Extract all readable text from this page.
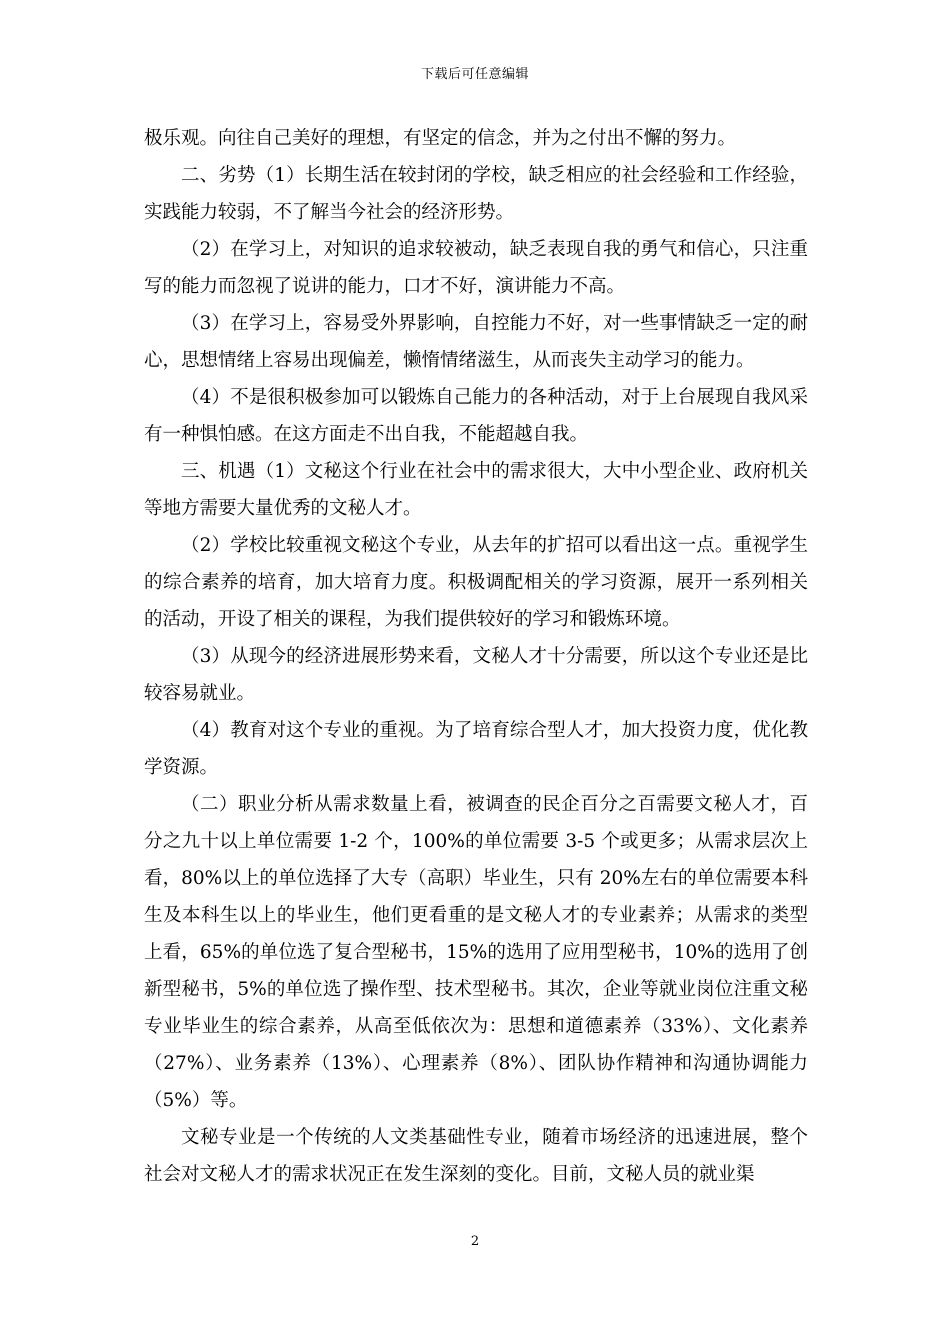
下载后可任意编辑

极乐观。向往自己美好的理想，有坚定的信念，并为之付出不懈的努力。

二、劣势（1）长期生活在较封闭的学校，缺乏相应的社会经验和工作经验，实践能力较弱，不了解当今社会的经济形势。

（2）在学习上，对知识的追求较被动，缺乏表现自我的勇气和信心，只注重写的能力而忽视了说讲的能力，口才不好，演讲能力不高。

（3）在学习上，容易受外界影响，自控能力不好，对一些事情缺乏一定的耐心，思想情绪上容易出现偏差，懒惰情绪滋生，从而丧失主动学习的能力。

（4）不是很积极参加可以锻炼自己能力的各种活动，对于上台展现自我风采有一种惧怕感。在这方面走不出自我，不能超越自我。

三、机遇（1）文秘这个行业在社会中的需求很大，大中小型企业、政府机关等地方需要大量优秀的文秘人才。

（2）学校比较重视文秘这个专业，从去年的扩招可以看出这一点。重视学生的综合素养的培育，加大培育力度。积极调配相关的学习资源，展开一系列相关的活动，开设了相关的课程，为我们提供较好的学习和锻炼环境。

（3）从现今的经济进展形势来看，文秘人才十分需要，所以这个专业还是比较容易就业。

（4）教育对这个专业的重视。为了培育综合型人才，加大投资力度，优化教学资源。

（二）职业分析从需求数量上看，被调查的民企百分之百需要文秘人才，百分之九十以上单位需要 1-2 个，100%的单位需要 3-5 个或更多；从需求层次上看，80%以上的单位选择了大专（高职）毕业生，只有 20%左右的单位需要本科生及本科生以上的毕业生，他们更看重的是文秘人才的专业素养；从需求的类型上看，65%的单位选了复合型秘书，15%的选用了应用型秘书，10%的选用了创新型秘书，5%的单位选了操作型、技术型秘书。其次，企业等就业岗位注重文秘专业毕业生的综合素养，从高至低依次为：思想和道德素养（33%）、文化素养（27%）、业务素养（13%）、心理素养（8%）、团队协作精神和沟通协调能力（5%）等。

文秘专业是一个传统的人文类基础性专业，随着市场经济的迅速进展，整个社会对文秘人才的需求状况正在发生深刻的变化。目前，文秘人员的就业渠

2
